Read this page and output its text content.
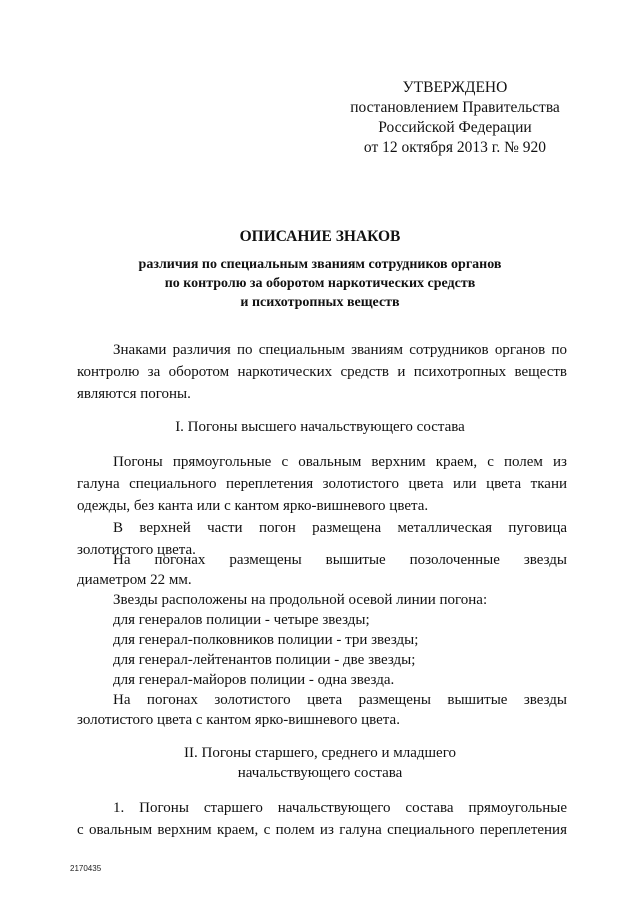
УТВЕРЖДЕНО
постановлением Правительства
Российской Федерации
от 12 октября 2013 г. № 920
ОПИСАНИЕ ЗНАКОВ
различия по специальным званиям сотрудников органов
по контролю за оборотом наркотических средств
и психотропных веществ
Знаками различия по специальным званиям сотрудников органов по
контролю за оборотом наркотических средств и психотропных веществ
являются погоны.
I. Погоны высшего начальствующего состава
Погоны прямоугольные с овальным верхним краем, с полем из
галуна специального переплетения золотистого цвета или цвета ткани
одежды, без канта или с кантом ярко-вишневого цвета.
В верхней части погон размещена металлическая пуговица
золотистого цвета.
На погонах размещены вышитые позолоченные звезды
диаметром 22 мм.
Звезды расположены на продольной осевой линии погона:
для генералов полиции - четыре звезды;
для генерал-полковников полиции - три звезды;
для генерал-лейтенантов полиции - две звезды;
для генерал-майоров полиции - одна звезда.
На погонах золотистого цвета размещены вышитые звезды
золотистого цвета с кантом ярко-вишневого цвета.
II. Погоны старшего, среднего и младшего
начальствующего состава
1. Погоны старшего начальствующего состава прямоугольные
с овальным верхним краем, с полем из галуна специального переплетения
2170435
